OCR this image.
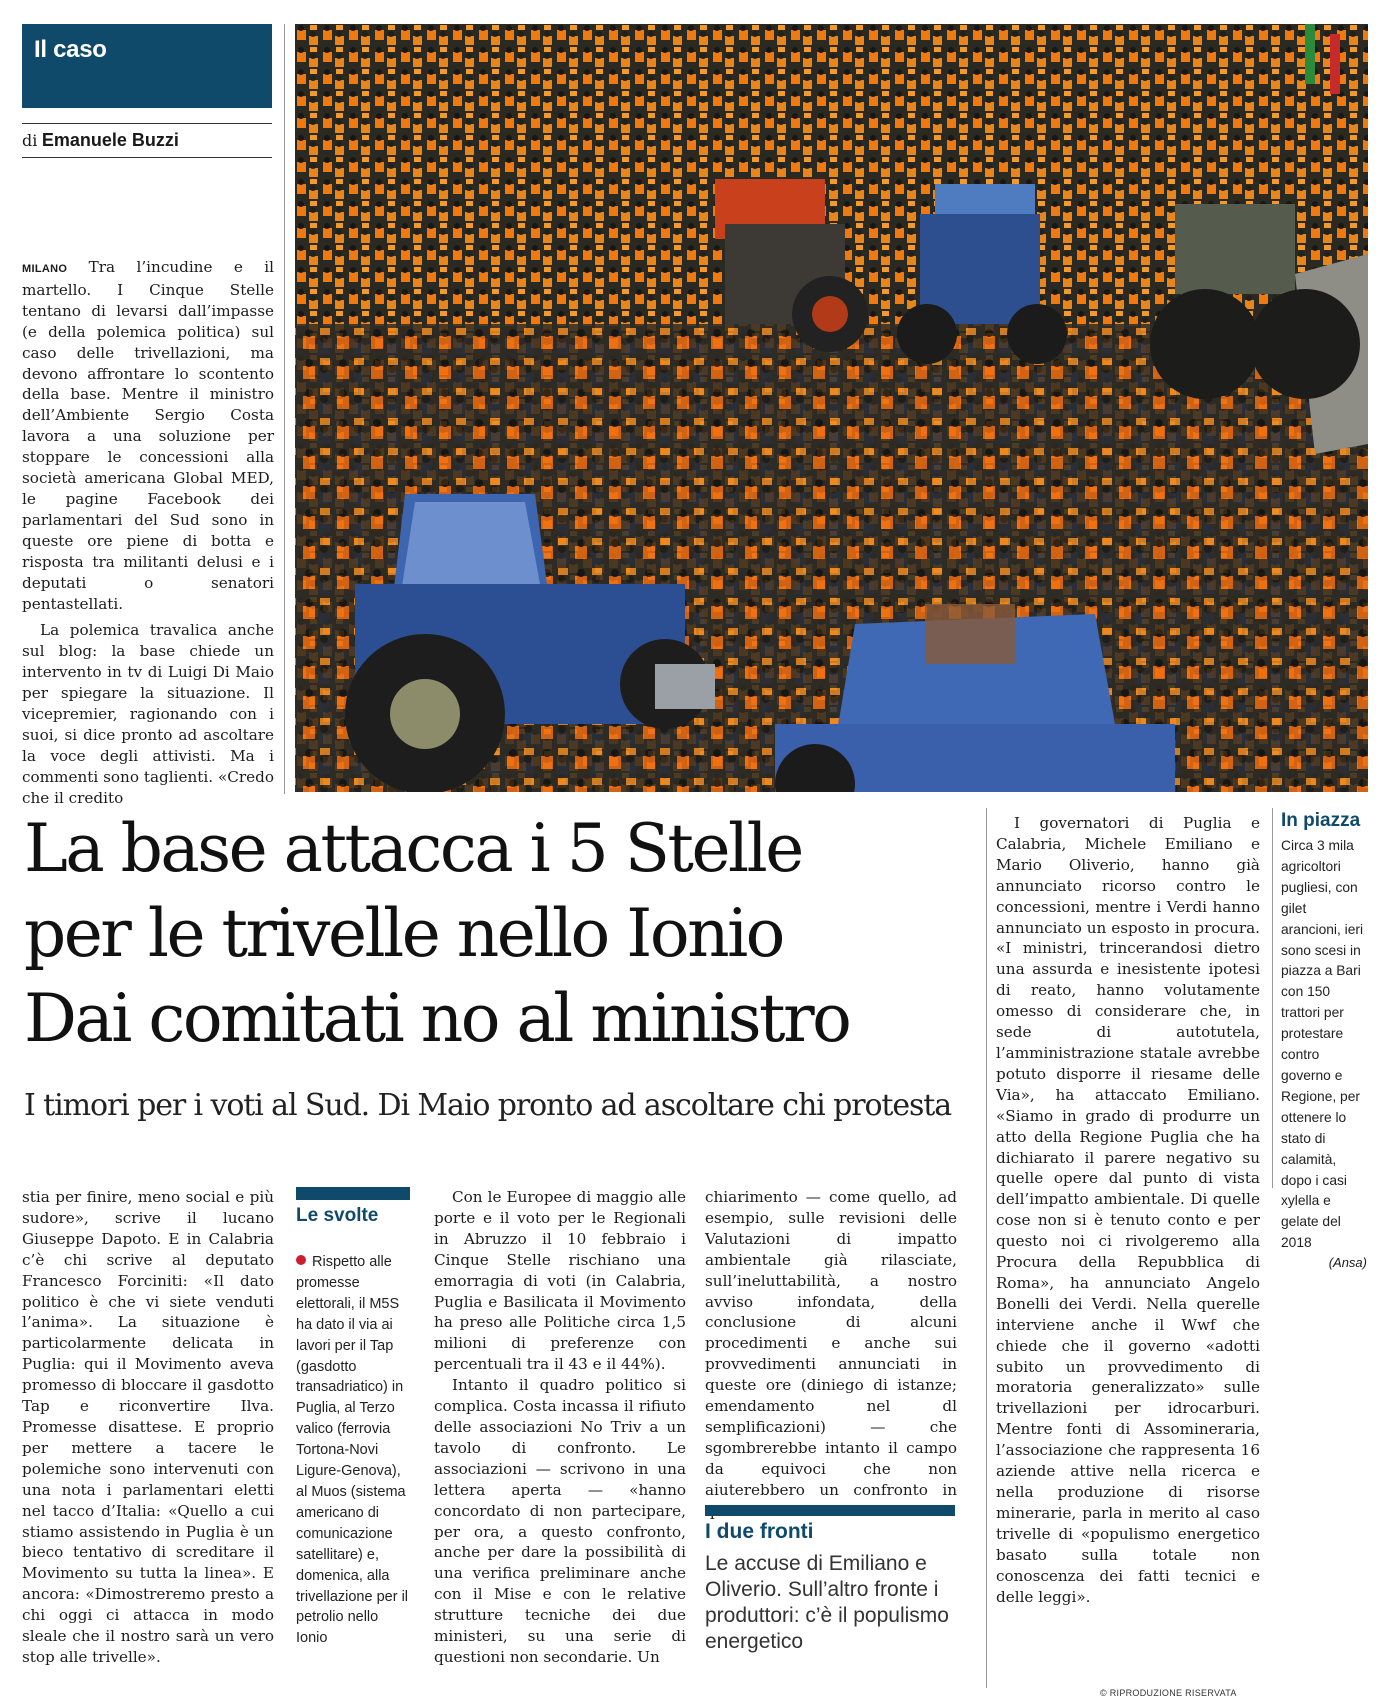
Il caso
di Emanuele Buzzi

MILANO Tra l’incudine e il martello. I Cinque Stelle tentano di levarsi dall’impasse (e della polemica politica) sul caso delle trivellazioni, ma devono affrontare lo scontento della base. Mentre il ministro dell’Ambiente Sergio Costa lavora a una soluzione per stoppare le concessioni alla società americana Global MED, le pagine Facebook dei parlamentari del Sud sono in queste ore piene di botta e risposta tra militanti delusi e i deputati o senatori pentastellati.

La polemica travalica anche sul blog: la base chiede un intervento in tv di Luigi Di Maio per spiegare la situazione. Il vicepremier, ragionando con i suoi, si dice pronto ad ascoltare la voce degli attivisti. Ma i commenti sono taglienti. «Credo che il credito

La base attacca i 5 Stelle
per le trivelle nello Ionio
Dai comitati no al ministro

I timori per i voti al Sud. Di Maio pronto ad ascoltare chi protesta

stia per finire, meno social e più sudore», scrive il lucano Giuseppe Dapoto. E in Calabria c’è chi scrive al deputato Francesco Forciniti: «Il dato politico è che vi siete venduti l’anima». La situazione è particolarmente delicata in Puglia: qui il Movimento aveva promesso di bloccare il gasdotto Tap e riconvertire Ilva. Promesse disattese. E proprio per mettere a tacere le polemiche sono intervenuti con una nota i parlamentari eletti nel tacco d’Italia: «Quello a cui stiamo assistendo in Puglia è un bieco tentativo di screditare il Movimento su tutta la linea». E ancora: «Dimostreremo presto a chi oggi ci attacca in modo sleale che il nostro sarà un vero stop alle trivelle».

Le svolte
Rispetto alle promesse elettorali, il M5S ha dato il via ai lavori per il Tap (gasdotto transadriatico) in Puglia, al Terzo valico (ferrovia Tortona-Novi Ligure-Genova), al Muos (sistema americano di comunicazione satellitare) e, domenica, alla trivellazione per il petrolio nello Ionio

Con le Europee di maggio alle porte e il voto per le Regionali in Abruzzo il 10 febbraio i Cinque Stelle rischiano una emorragia di voti (in Calabria, Puglia e Basilicata il Movimento ha preso alle Politiche circa 1,5 milioni di preferenze con percentuali tra il 43 e il 44%).

Intanto il quadro politico si complica. Costa incassa il rifiuto delle associazioni No Triv a un tavolo di confronto. Le associazioni — scrivono in una lettera aperta — «hanno concordato di non partecipare, per ora, a questo confronto, anche per dare la possibilità di una verifica preliminare anche con il Mise e con le relative strutture tecniche dei due ministeri, su una serie di questioni non secondarie. Un

chiarimento — come quello, ad esempio, sulle revisioni delle Valutazioni di impatto ambientale già rilasciate, sull’ineluttabilità, a nostro avviso infondata, della conclusione di alcuni procedimenti e anche sui provvedimenti annunciati in queste ore (diniego di istanze; emendamento nel dl semplificazioni) — che sgombrerebbe intanto il campo da equivoci che non aiuterebbero un confronto in

I due fronti
Le accuse di Emiliano e Oliverio. Sull’altro fronte i produttori: c’è il populismo energetico

I governatori di Puglia e Calabria, Michele Emiliano e Mario Oliverio, hanno già annunciato ricorso contro le concessioni, mentre i Verdi hanno annunciato un esposto in procura. «I ministri, trincerandosi dietro una assurda e inesistente ipotesi di reato, hanno volutamente omesso di considerare che, in sede di autotutela, l’amministrazione statale avrebbe potuto disporre il riesame delle Via», ha attaccato Emiliano. «Siamo in grado di produrre un atto della Regione Puglia che ha dichiarato il parere negativo su quelle opere dal punto di vista dell’impatto ambientale. Di quelle cose non si è tenuto conto e per questo noi ci rivolgeremo alla Procura della Repubblica di Roma», ha annunciato Angelo Bonelli dei Verdi. Nella querelle interviene anche il Wwf che chiede che il governo «adotti subito un provvedimento di moratoria generalizzato» sulle trivellazioni per idrocarburi. Mentre fonti di Assomineraria, l’associazione che rappresenta 16 aziende attive nella ricerca e nella produzione di risorse minerarie, parla in merito al caso trivelle di «populismo energetico basato sulla totale non conoscenza dei fatti tecnici e delle leggi».

In piazza

Circa 3 mila agricoltori pugliesi, con gilet arancioni, ieri sono scesi in piazza a Bari con 150 trattori per protestare contro governo e Regione, per ottenere lo stato di calamità, dopo i casi xylella e gelate del 2018

(Ansa)
© RIPRODUZIONE RISERVATA
